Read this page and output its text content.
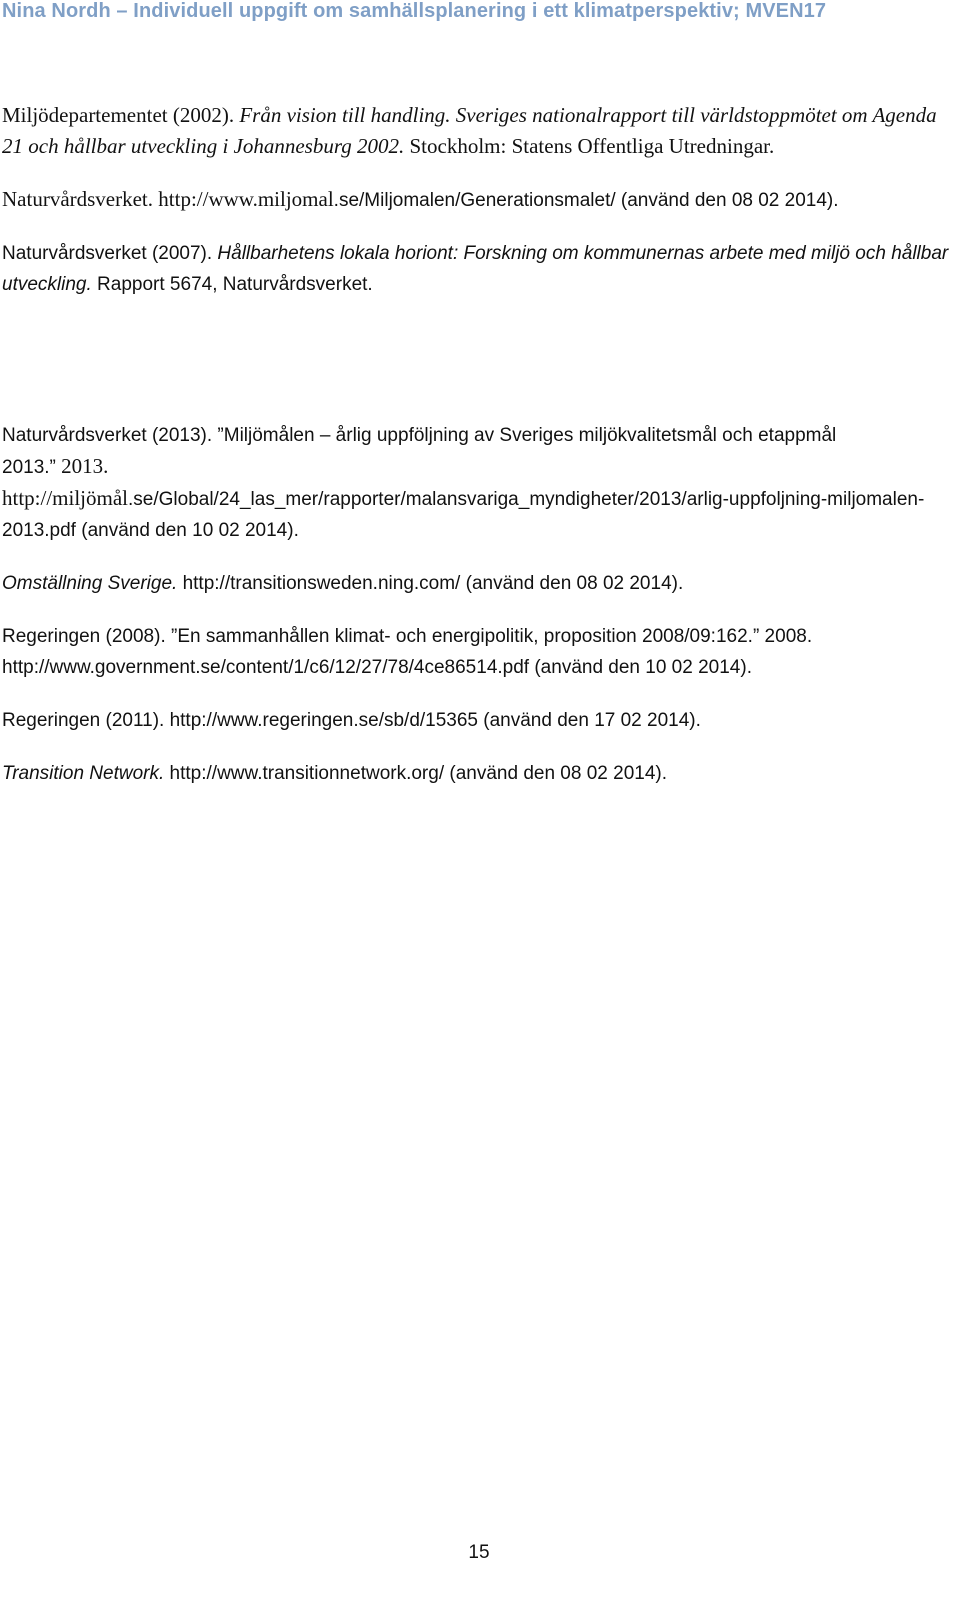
Nina Nordh – Individuell uppgift om samhällsplanering i ett klimatperspektiv; MVEN17

Miljödepartementet (2002). Från vision till handling. Sveriges nationalrapport till världstoppmötet om Agenda 21 och hållbar utveckling i Johannesburg 2002. Stockholm: Statens Offentliga Utredningar.

Naturvårdsverket. http://www.miljomal.se/Miljomalen/Generationsmalet/ (använd den 08 02 2014).

Naturvårdsverket (2007). Hållbarhetens lokala horiont: Forskning om kommunernas arbete med miljö och hållbar utveckling. Rapport 5674, Naturvårdsverket.

Naturvårdsverket (2013). ”Miljömålen – årlig uppföljning av Sveriges miljökvalitetsmål och etappmål
2013.” 2013.
http://miljömål.se/Global/24_las_mer/rapporter/malansvariga_myndigheter/2013/arlig-uppfoljning-miljomalen-2013.pdf (använd den 10 02 2014).

Omställning Sverige. http://transitionsweden.ning.com/ (använd den 08 02 2014).

Regeringen (2008). ”En sammanhållen klimat- och energipolitik, proposition 2008/09:162.” 2008. http://www.government.se/content/1/c6/12/27/78/4ce86514.pdf (använd den 10 02 2014).

Regeringen (2011). http://www.regeringen.se/sb/d/15365 (använd den 17 02 2014).

Transition Network. http://www.transitionnetwork.org/ (använd den 08 02 2014).

15
